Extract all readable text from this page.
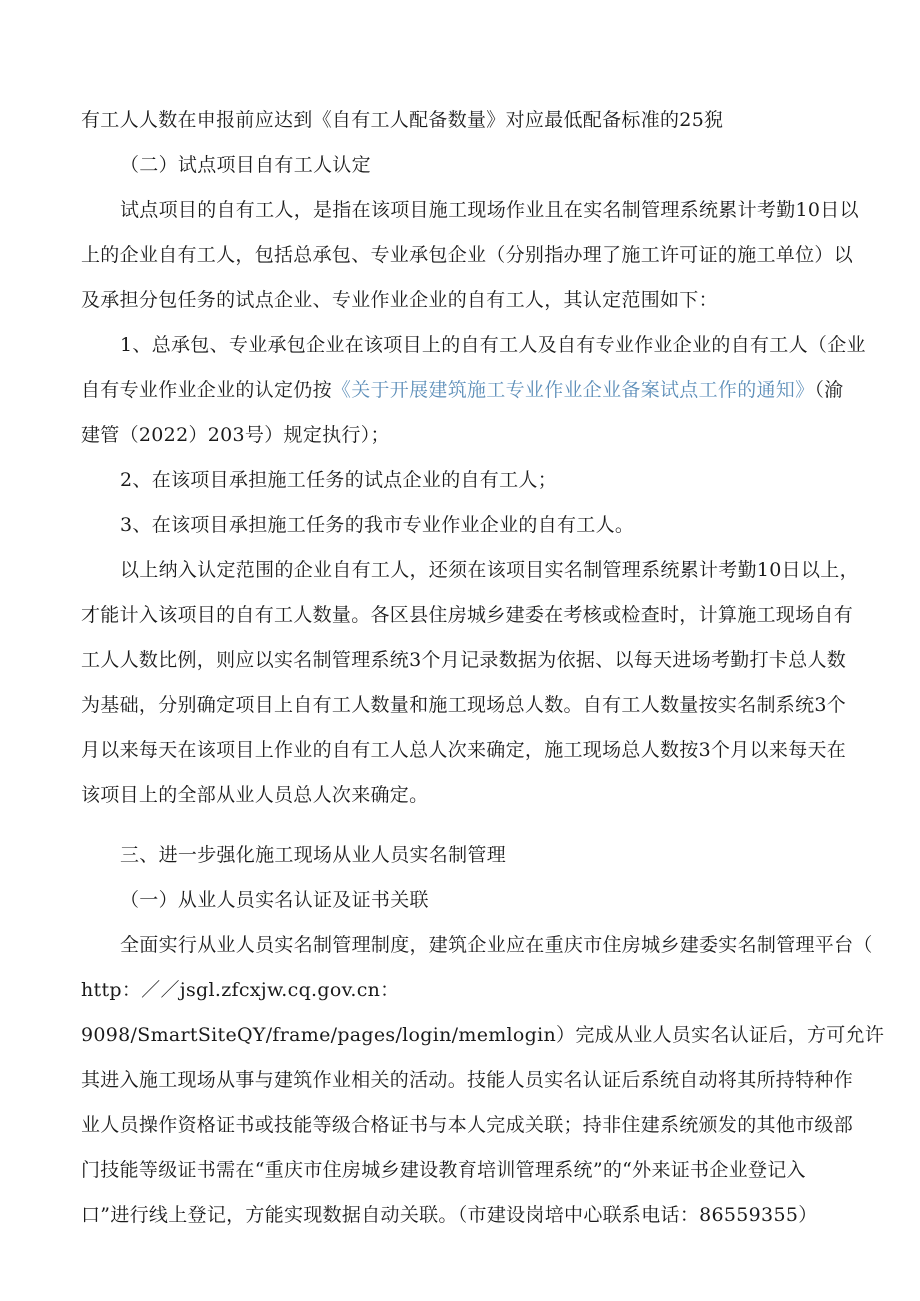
有工人人数在申报前应达到《自有工人配备数量》对应最低配备标准的25猊
（二）试点项目自有工人认定
试点项目的自有工人，是指在该项目施工现场作业且在实名制管理系统累计考勤10日以
上的企业自有工人，包括总承包、专业承包企业（分别指办理了施工许可证的施工单位）以
及承担分包任务的试点企业、专业作业企业的自有工人，其认定范围如下：
1、总承包、专业承包企业在该项目上的自有工人及自有专业作业企业的自有工人（企业
自有专业作业企业的认定仍按《关于开展建筑施工专业作业企业备案试点工作的通知》（渝
建管（2022）203号）规定执行）；
2、在该项目承担施工任务的试点企业的自有工人；
3、在该项目承担施工任务的我市专业作业企业的自有工人。
以上纳入认定范围的企业自有工人，还须在该项目实名制管理系统累计考勤10日以上，
才能计入该项目的自有工人数量。各区县住房城乡建委在考核或检查时，计算施工现场自有
工人人数比例，则应以实名制管理系统3个月记录数据为依据、以每天进场考勤打卡总人数
为基础，分别确定项目上自有工人数量和施工现场总人数。自有工人数量按实名制系统3个
月以来每天在该项目上作业的自有工人总人次来确定，施工现场总人数按3个月以来每天在
该项目上的全部从业人员总人次来确定。
三、进一步强化施工现场从业人员实名制管理
（一）从业人员实名认证及证书关联
全面实行从业人员实名制管理制度，建筑企业应在重庆市住房城乡建委实名制管理平台（
http：／／jsgl.zfcxjw.cq.gov.cn：
9098/SmartSiteQY/frame/pages/login/memlogin）完成从业人员实名认证后，方可允许
其进入施工现场从事与建筑作业相关的活动。技能人员实名认证后系统自动将其所持特种作
业人员操作资格证书或技能等级合格证书与本人完成关联；持非住建系统颁发的其他市级部
门技能等级证书需在“重庆市住房城乡建设教育培训管理系统”的“外来证书企业登记入
口”进行线上登记，方能实现数据自动关联。（市建设岗培中心联系电话：86559355）
